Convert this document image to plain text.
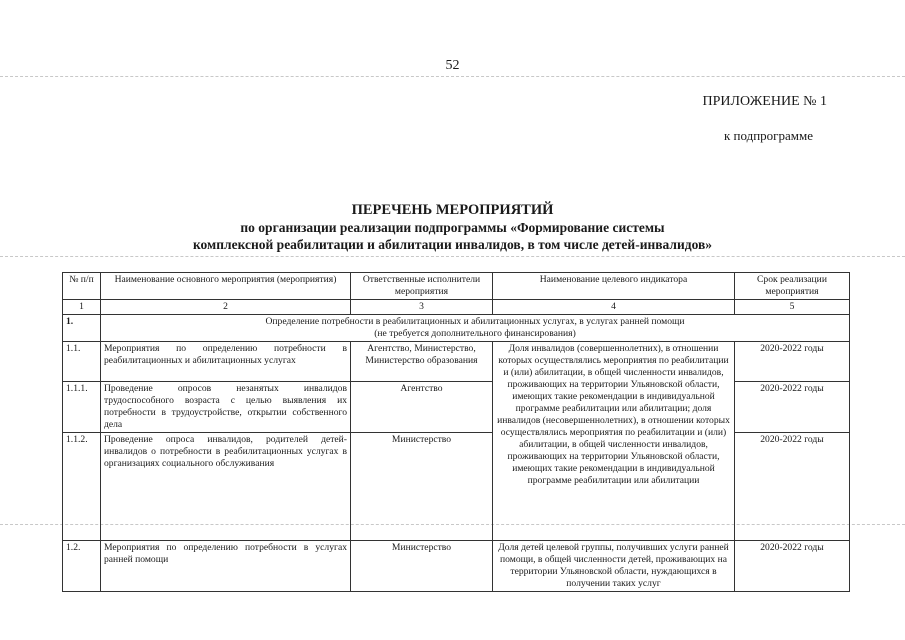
52
ПРИЛОЖЕНИЕ № 1
к подпрограмме
ПЕРЕЧЕНЬ МЕРОПРИЯТИЙ
по организации реализации подпрограммы «Формирование системы
комплексной реабилитации и абилитации инвалидов, в том числе детей-инвалидов»
№ п/п	Наименование основного мероприятия (мероприятия)	Ответственные исполнители мероприятия	Наименование целевого индикатора	Срок реализации мероприятия
1	2	3	4	5
1.	Определение потребности в реабилитационных и абилитационных услугах, в услугах ранней помощи
(не требуется дополнительного финансирования)			

1.1.	Мероприятия по определению потребности в реабилитационных и абилитационных услугах	Агентство, Министерство, Министерство образования	Доля инвалидов (совершеннолетних), в отношении которых осуществлялись мероприятия по реабилитации и (или) абилитации, в общей численности инвалидов, проживающих на территории Ульяновской области, имеющих такие рекомендации в индивидуальной программе реабилитации или абилитации; доля инвалидов (несовершеннолетних), в отношении которых осуществлялись мероприятия по реабилитации и (или) абилитации, в общей численности инвалидов, проживающих на территории Ульяновской области, имеющих такие рекомендации в индивидуальной программе реабилитации или абилитации	2020-2022 годы
1.1.1.	Проведение опросов незанятых инвалидов трудоспособного возраста с целью выявления их потребности в трудоустройстве, открытии собственного дела	Агентство		2020-2022 годы
1.1.2.	Проведение опроса инвалидов, родителей детей-инвалидов о потребности в реабилитационных услугах в организациях социального обслуживания	Министерство		2020-2022 годы
1.2.	Мероприятия по определению потребности в услугах ранней помощи	Министерство	Доля детей целевой группы, получивших услуги ранней помощи, в общей численности детей, проживающих на территории Ульяновской области, нуждающихся в получении таких услуг	2020-2022 годы
